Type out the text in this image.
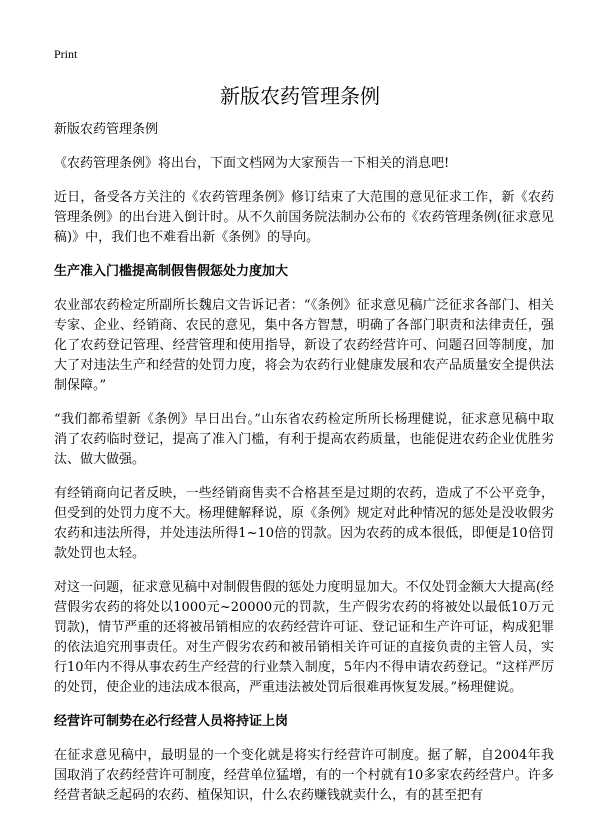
Print
新版农药管理条例

新版农药管理条例

《农药管理条例》将出台，下面文档网为大家预告一下相关的消息吧!

近日，备受各方关注的《农药管理条例》修订结束了大范围的意见征求工作，新《农药管理条例》的出台进入倒计时。从不久前国务院法制办公布的《农药管理条例(征求意见稿)》中，我们也不难看出新《条例》的导向。

生产准入门槛提高制假售假惩处力度加大

农业部农药检定所副所长魏启文告诉记者：“《条例》征求意见稿广泛征求各部门、相关专家、企业、经销商、农民的意见，集中各方智慧，明确了各部门职责和法律责任，强化了农药登记管理、经营管理和使用指导，新设了农药经营许可、问题召回等制度，加大了对违法生产和经营的处罚力度，将会为农药行业健康发展和农产品质量安全提供法制保障。”

“我们都希望新《条例》早日出台。”山东省农药检定所所长杨理健说，征求意见稿中取消了农药临时登记，提高了准入门槛，有利于提高农药质量，也能促进农药企业优胜劣汰、做大做强。

有经销商向记者反映，一些经销商售卖不合格甚至是过期的农药，造成了不公平竞争，但受到的处罚力度不大。杨理健解释说，原《条例》规定对此种情况的惩处是没收假劣农药和违法所得，并处违法所得1~10倍的罚款。因为农药的成本很低，即便是10倍罚款处罚也太轻。

对这一问题，征求意见稿中对制假售假的惩处力度明显加大。不仅处罚金额大大提高(经营假劣农药的将处以1000元~20000元的罚款，生产假劣农药的将被处以最低10万元罚款)，情节严重的还将被吊销相应的农药经营许可证、登记证和生产许可证，构成犯罪的依法追究刑事责任。对生产假劣农药和被吊销相关许可证的直接负责的主管人员，实行10年内不得从事农药生产经营的行业禁入制度，5年内不得申请农药登记。“这样严厉的处罚，使企业的违法成本很高，严重违法被处罚后很难再恢复发展。”杨理健说。

经营许可制势在必行经营人员将持证上岗

在征求意见稿中，最明显的一个变化就是将实行经营许可制度。据了解，自2004年我国取消了农药经营许可制度，经营单位猛增，有的一个村就有10多家农药经营户。许多经营者缺乏起码的农药、植保知识，什么农药赚钱就卖什么，有的甚至把有
